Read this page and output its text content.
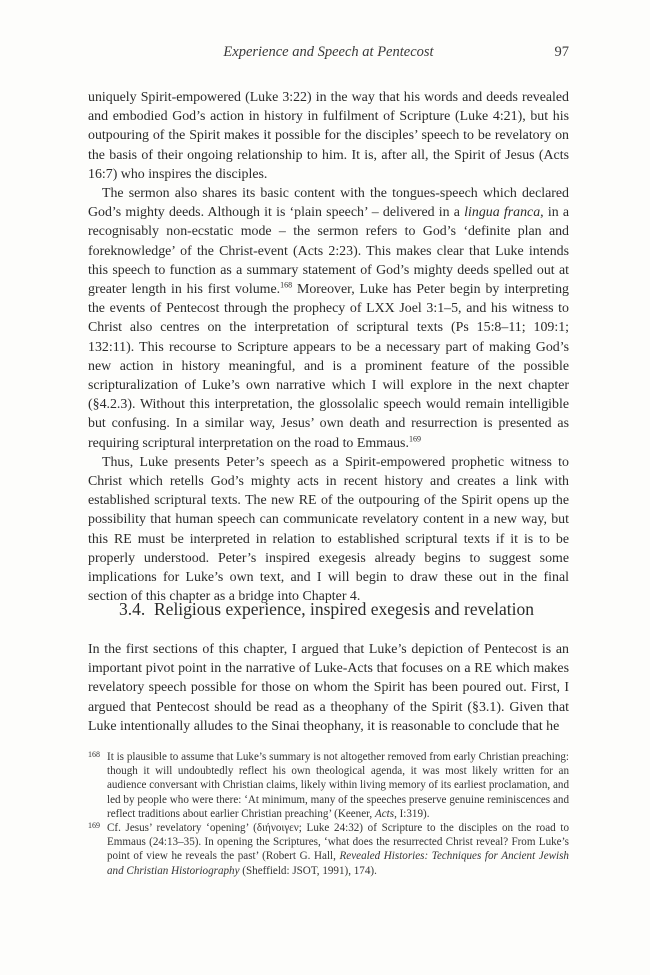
Experience and Speech at Pentecost	97

uniquely Spirit-empowered (Luke 3:22) in the way that his words and deeds revealed and embodied God’s action in history in fulfilment of Scripture (Luke 4:21), but his outpouring of the Spirit makes it possible for the disciples’ speech to be revelatory on the basis of their ongoing relationship to him. It is, after all, the Spirit of Jesus (Acts 16:7) who inspires the disciples.

The sermon also shares its basic content with the tongues-speech which declared God’s mighty deeds. Although it is ‘plain speech’ – delivered in a lingua franca, in a recognisably non-ecstatic mode – the sermon refers to God’s ‘definite plan and foreknowledge’ of the Christ-event (Acts 2:23). This makes clear that Luke intends this speech to function as a summary statement of God’s mighty deeds spelled out at greater length in his first volume.$^{168}$ Moreover, Luke has Peter begin by interpreting the events of Pentecost through the prophecy of LXX Joel 3:1–5, and his witness to Christ also centres on the interpretation of scriptural texts (Ps 15:8–11; 109:1; 132:11). This recourse to Scripture appears to be a necessary part of making God’s new action in history meaningful, and is a prominent feature of the possible scripturalization of Luke’s own narrative which I will explore in the next chapter (§4.2.3). Without this interpretation, the glossolalic speech would remain intelligible but confusing. In a similar way, Jesus’ own death and resurrection is presented as requiring scriptural interpretation on the road to Emmaus.$^{169}$

Thus, Luke presents Peter’s speech as a Spirit-empowered prophetic witness to Christ which retells God’s mighty acts in recent history and creates a link with established scriptural texts. The new RE of the outpouring of the Spirit opens up the possibility that human speech can communicate revelatory content in a new way, but this RE must be interpreted in relation to established scriptural texts if it is to be properly understood. Peter’s inspired exegesis already begins to suggest some implications for Luke’s own text, and I will begin to draw these out in the final section of this chapter as a bridge into Chapter 4.

3.4. Religious experience, inspired exegesis and revelation

In the first sections of this chapter, I argued that Luke’s depiction of Pentecost is an important pivot point in the narrative of Luke-Acts that focuses on a RE which makes revelatory speech possible for those on whom the Spirit has been poured out. First, I argued that Pentecost should be read as a theophany of the Spirit (§3.1). Given that Luke intentionally alludes to the Sinai theophany, it is reasonable to conclude that he

168 It is plausible to assume that Luke’s summary is not altogether removed from early Christian preaching: though it will undoubtedly reflect his own theological agenda, it was most likely written for an audience conversant with Christian claims, likely within living memory of its earliest proclamation, and led by people who were there: ‘At minimum, many of the speeches preserve genuine reminiscences and reflect traditions about earlier Christian preaching’ (Keener, Acts, I:319).

169 Cf. Jesus’ revelatory ‘opening’ (διήνοιγεν; Luke 24:32) of Scripture to the disciples on the road to Emmaus (24:13–35). In opening the Scriptures, ‘what does the resurrected Christ reveal? From Luke’s point of view he reveals the past’ (Robert G. Hall, Revealed Histories: Techniques for Ancient Jewish and Christian Historiography (Sheffield: JSOT, 1991), 174).
